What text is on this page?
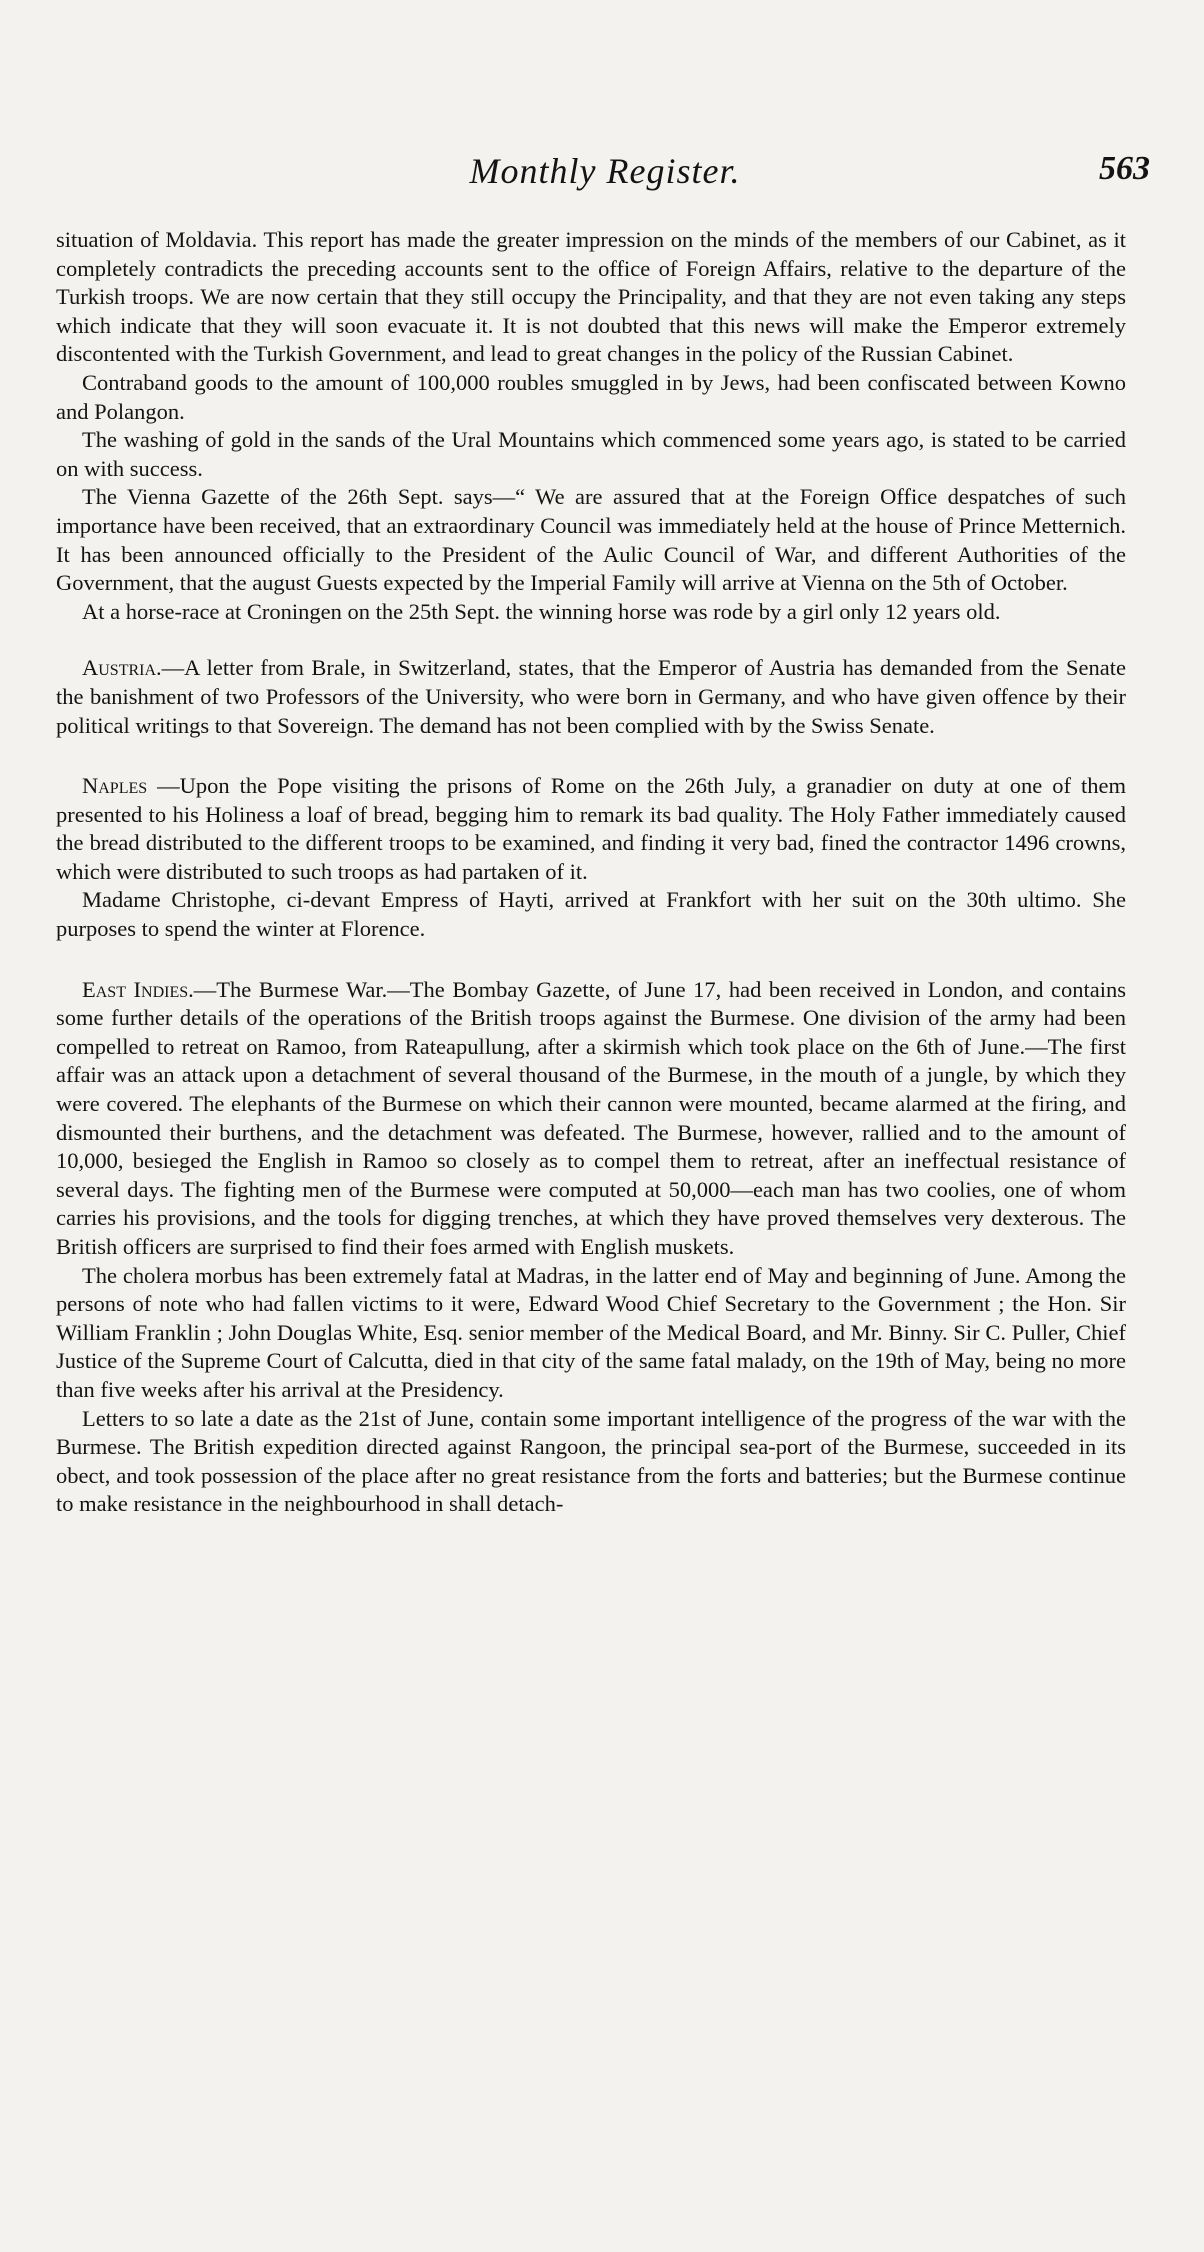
Monthly Register.	563

situation of Moldavia. This report has made the greater impression on the minds of the members of our Cabinet, as it completely contradicts the preceding accounts sent to the office of Foreign Affairs, relative to the departure of the Turkish troops. We are now certain that they still occupy the Principality, and that they are not even taking any steps which indicate that they will soon evacuate it. It is not doubted that this news will make the Emperor extremely discontented with the Turkish Government, and lead to great changes in the policy of the Russian Cabinet.

Contraband goods to the amount of 100,000 roubles smuggled in by Jews, had been confiscated between Kowno and Polangon.

The washing of gold in the sands of the Ural Mountains which commenced some years ago, is stated to be carried on with success.

The Vienna Gazette of the 26th Sept. says—“ We are assured that at the Foreign Office despatches of such importance have been received, that an extraordinary Council was immediately held at the house of Prince Metternich. It has been announced officially to the President of the Aulic Council of War, and different Authorities of the Government, that the august Guests expected by the Imperial Family will arrive at Vienna on the 5th of October.

At a horse-race at Croningen on the 25th Sept. the winning horse was rode by a girl only 12 years old.

Austria.—A letter from Brale, in Switzerland, states, that the Emperor of Austria has demanded from the Senate the banishment of two Professors of the University, who were born in Germany, and who have given offence by their political writings to that Sovereign. The demand has not been complied with by the Swiss Senate.

Naples —Upon the Pope visiting the prisons of Rome on the 26th July, a granadier on duty at one of them presented to his Holiness a loaf of bread, begging him to remark its bad quality. The Holy Father immediately caused the bread distributed to the different troops to be examined, and finding it very bad, fined the contractor 1496 crowns, which were distributed to such troops as had partaken of it.

Madame Christophe, ci-devant Empress of Hayti, arrived at Frankfort with her suit on the 30th ultimo. She purposes to spend the winter at Florence.

East Indies.—The Burmese War.—The Bombay Gazette, of June 17, had been received in London, and contains some further details of the operations of the British troops against the Burmese. One division of the army had been compelled to retreat on Ramoo, from Rateapullung, after a skirmish which took place on the 6th of June.—The first affair was an attack upon a detachment of several thousand of the Burmese, in the mouth of a jungle, by which they were covered. The elephants of the Burmese on which their cannon were mounted, became alarmed at the firing, and dismounted their burthens, and the detachment was defeated. The Burmese, however, rallied and to the amount of 10,000, besieged the English in Ramoo so closely as to compel them to retreat, after an ineffectual resistance of several days. The fighting men of the Burmese were computed at 50,000—each man has two coolies, one of whom carries his provisions, and the tools for digging trenches, at which they have proved themselves very dexterous. The British officers are surprised to find their foes armed with English muskets.

The cholera morbus has been extremely fatal at Madras, in the latter end of May and beginning of June. Among the persons of note who had fallen victims to it were, Edward Wood Chief Secretary to the Government ; the Hon. Sir William Franklin ; John Douglas White, Esq. senior member of the Medical Board, and Mr. Binny. Sir C. Puller, Chief Justice of the Supreme Court of Calcutta, died in that city of the same fatal malady, on the 19th of May, being no more than five weeks after his arrival at the Presidency.

Letters to so late a date as the 21st of June, contain some important intelligence of the progress of the war with the Burmese. The British expedition directed against Rangoon, the principal sea-port of the Burmese, succeeded in its obect, and took possession of the place after no great resistance from the forts and batteries; but the Burmese continue to make resistance in the neighbourhood in shall detach-
